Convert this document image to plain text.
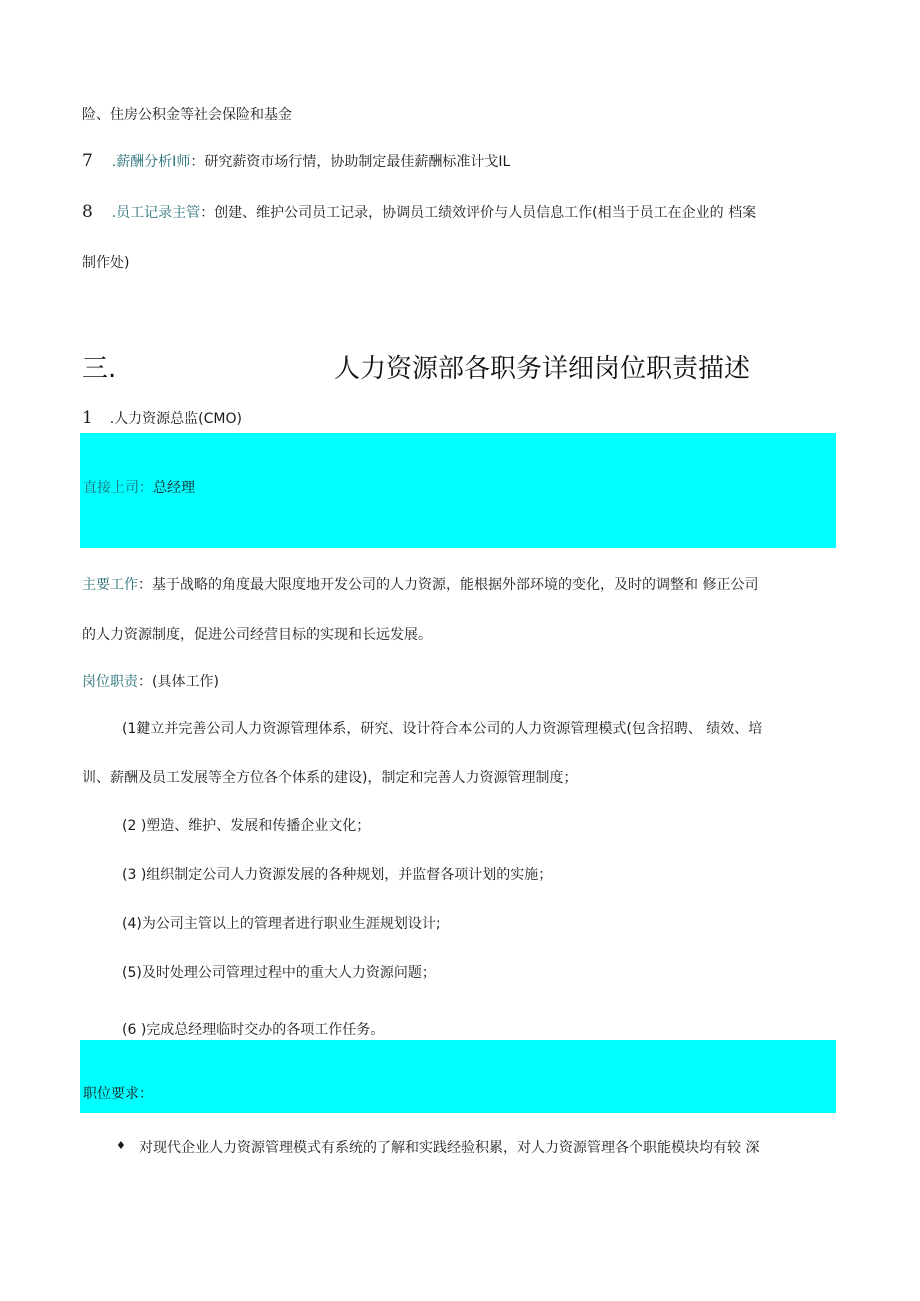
险、住房公积金等社会保险和基金
7 .薪酬分析Ⅰ师：研究薪资市场行情，协助制定最佳薪酬标准计戈IL
8 .员工记录主管：创建、维护公司员工记录，协调员工绩效评价与人员信息工作(相当于员工在企业的 档案
制作处)
三.	人力资源部各职务详细岗位职责描述
1 .人力资源总监(CMO)
直接上司：总经理
主要工作：基于战略的角度最大限度地开发公司的人力资源，能根据外部环境的变化，及时的调整和 修正公司
的人力资源制度，促进公司经营目标的实现和长远发展。
岗位职责：(具体工作)
(1鍵立并完善公司人力资源管理体系，研究、设计符合本公司的人力资源管理模式(包含招聘、 绩效、培
训、薪酬及员工发展等全方位各个体系的建设)，制定和完善人力资源管理制度；
(2 )塑造、维护、发展和传播企业文化；
(3 )组织制定公司人力资源发展的各种规划，并监督各项计划的实施；
(4)为公司主管以上的管理者进行职业生涯规划设计;
(5)及时处理公司管理过程中的重大人力资源问题；
(6 )完成总经理临时交办的各项工作任务。
职位要求：
♦ 对现代企业人力资源管理模式有系统的了解和实践经验积累，对人力资源管理各个职能模块均有较 深
